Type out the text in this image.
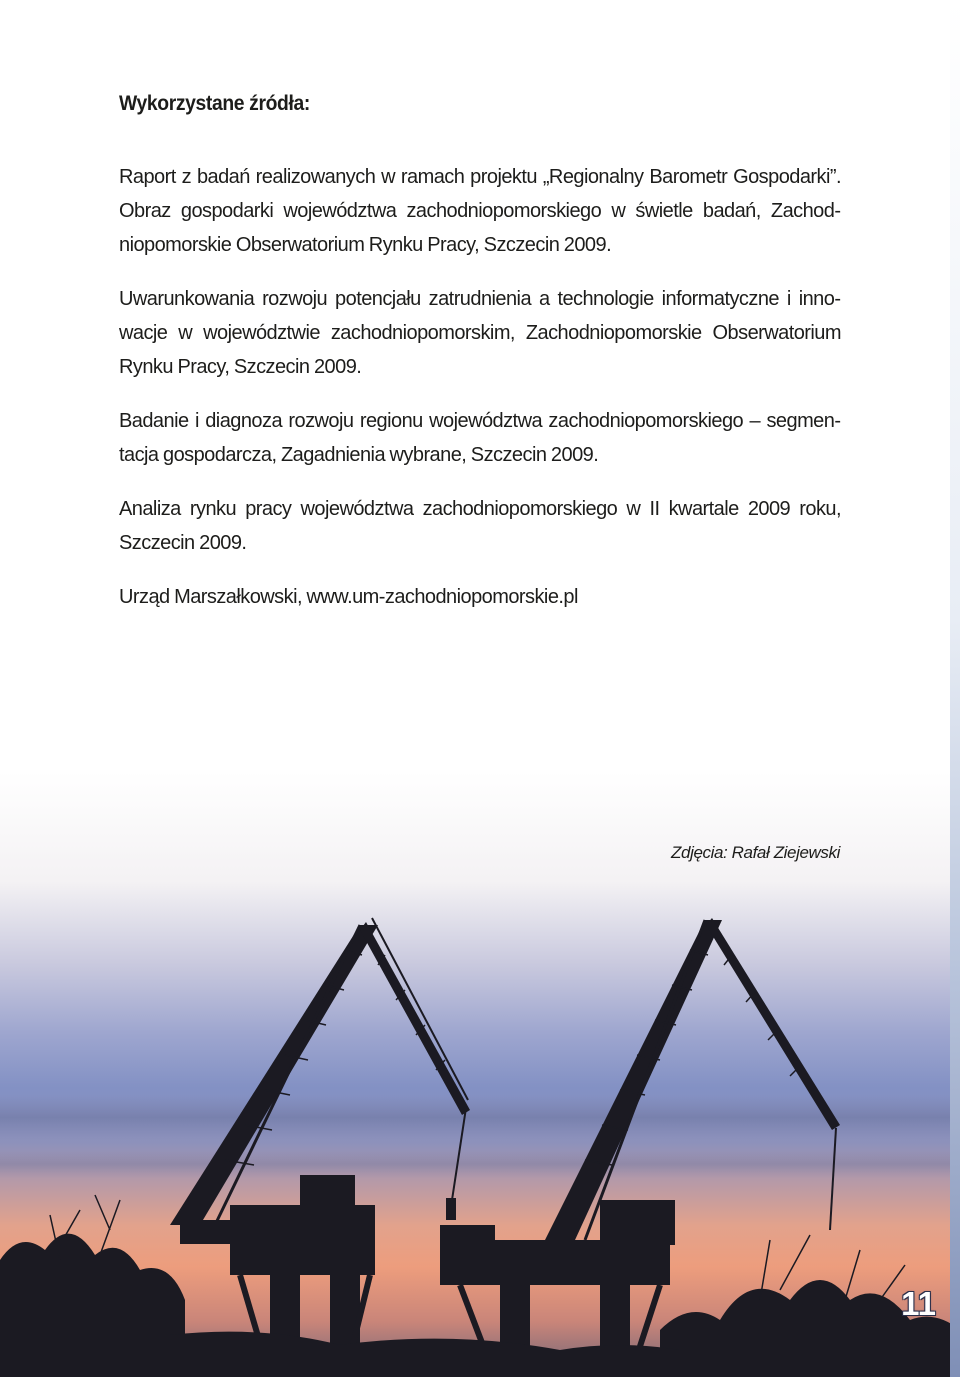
Wykorzystane źródła:

Raport z badań realizowanych w ramach projektu „Regionalny Barometr Gospodarki”. Obraz gospodarki województwa zachodniopomorskiego w świetle badań, Zachodniopomorskie Obserwatorium Rynku Pracy, Szczecin 2009.

Uwarunkowania rozwoju potencjału zatrudnienia a technologie informatyczne i innowacje w województwie zachodniopomorskim, Zachodniopomorskie Obserwatorium Rynku Pracy, Szczecin 2009.

Badanie i diagnoza rozwoju regionu województwa zachodniopomorskiego – segmentacja gospodarcza, Zagadnienia wybrane, Szczecin 2009.

Analiza rynku pracy województwa zachodniopomorskiego w II kwartale 2009 roku, Szczecin 2009.

Urząd Marszałkowski, www.um-zachodniopomorskie.pl

Zdjęcia: Rafał Ziejewski
11
